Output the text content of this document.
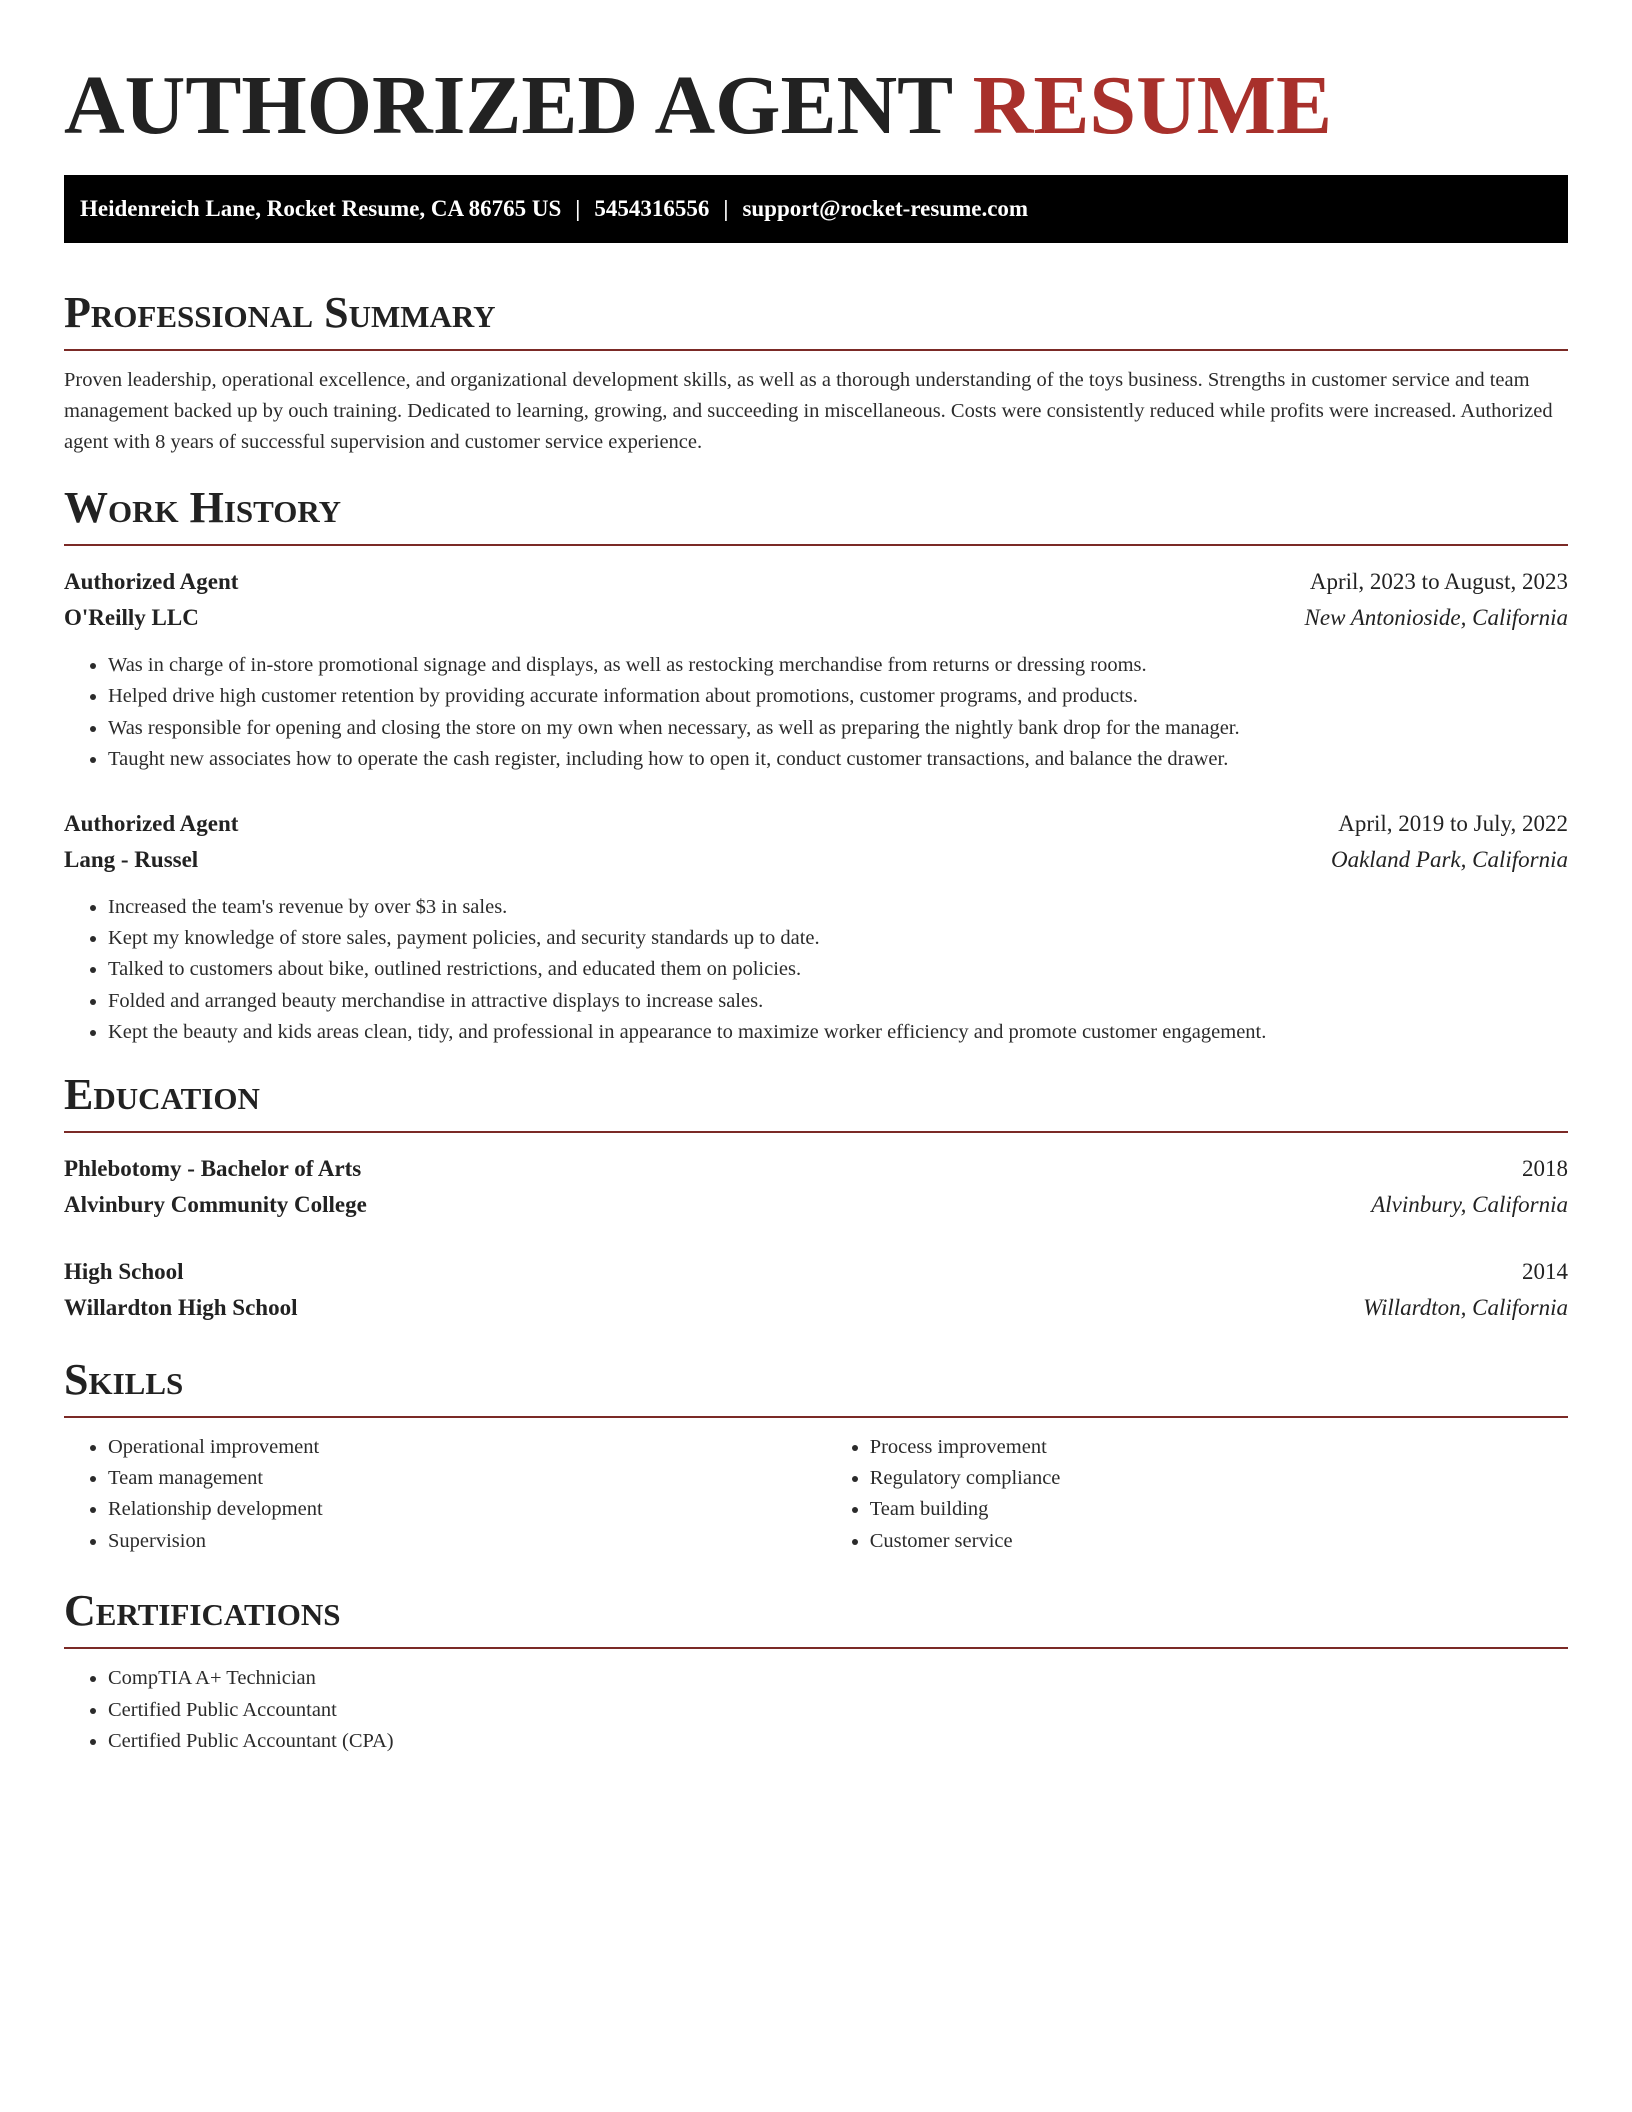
AUTHORIZED AGENT RESUME
Heidenreich Lane, Rocket Resume, CA 86765 US | 5454316556 | support@rocket-resume.com
Professional Summary

Proven leadership, operational excellence, and organizational development skills, as well as a thorough understanding of the toys business. Strengths in customer service and team management backed up by ouch training. Dedicated to learning, growing, and succeeding in miscellaneous. Costs were consistently reduced while profits were increased. Authorized agent with 8 years of successful supervision and customer service experience.

Work History
Authorized Agent	April, 2023 to August, 2023
O'Reilly LLC	New Antonioside, California
• Was in charge of in-store promotional signage and displays, as well as restocking merchandise from returns or dressing rooms.
• Helped drive high customer retention by providing accurate information about promotions, customer programs, and products.
• Was responsible for opening and closing the store on my own when necessary, as well as preparing the nightly bank drop for the manager.
• Taught new associates how to operate the cash register, including how to open it, conduct customer transactions, and balance the drawer.
Authorized Agent	April, 2019 to July, 2022
Lang - Russel	Oakland Park, California
• Increased the team's revenue by over $3 in sales.
• Kept my knowledge of store sales, payment policies, and security standards up to date.
• Talked to customers about bike, outlined restrictions, and educated them on policies.
• Folded and arranged beauty merchandise in attractive displays to increase sales.
• Kept the beauty and kids areas clean, tidy, and professional in appearance to maximize worker efficiency and promote customer engagement.
Education
Phlebotomy - Bachelor of Arts	2018
Alvinbury Community College	Alvinbury, California
High School	2014
Willardton High School	Willardton, California
Skills
• Operational improvement
• Team management
• Relationship development
• Supervision
• Process improvement
• Regulatory compliance
• Team building
• Customer service
Certifications
• CompTIA A+ Technician
• Certified Public Accountant
• Certified Public Accountant (CPA)
